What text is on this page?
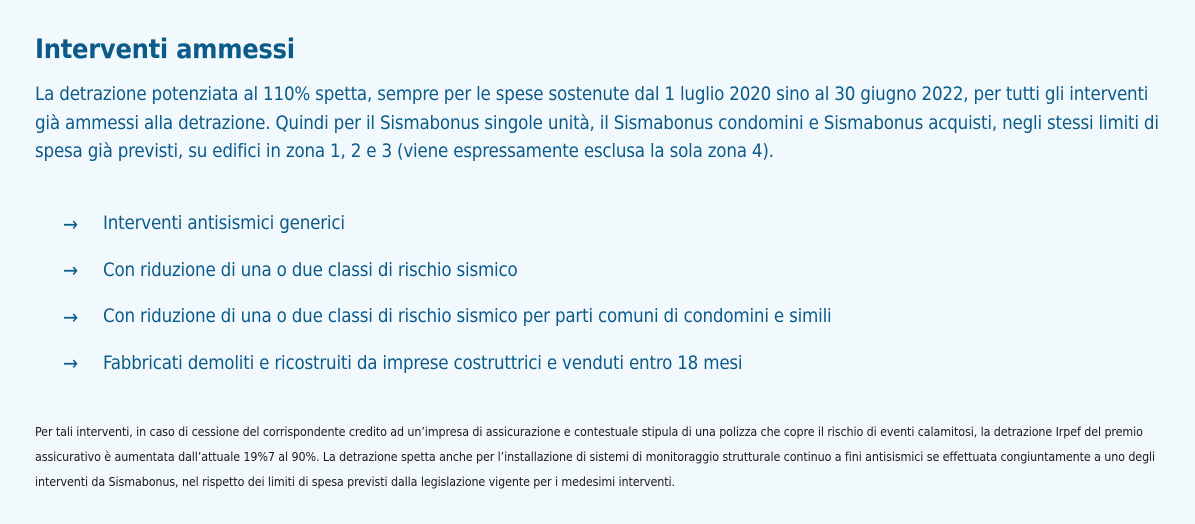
Interventi ammessi

La detrazione potenziata al 110% spetta, sempre per le spese sostenute dal 1 luglio 2020 sino al 30 giugno 2022, per tutti gli interventi già ammessi alla detrazione. Quindi per il Sismabonus singole unità, il Sismabonus condomini e Sismabonus acquisti, negli stessi limiti di spesa già previsti, su edifici in zona 1, 2 e 3 (viene espressamente esclusa la sola zona 4).

→	Interventi antisismici generici
→	Con riduzione di una o due classi di rischio sismico
→	Con riduzione di una o due classi di rischio sismico per parti comuni di condomini e simili
→	Fabbricati demoliti e ricostruiti da imprese costruttrici e venduti entro 18 mesi

Per tali interventi, in caso di cessione del corrispondente credito ad un’impresa di assicurazione e contestuale stipula di una polizza che copre il rischio di eventi calamitosi, la detrazione Irpef del premio assicurativo è aumentata dall’attuale 19%7 al 90%. La detrazione spetta anche per l’installazione di sistemi di monitoraggio strutturale continuo a fini antisismici se effettuata congiuntamente a uno degli interventi da Sismabonus, nel rispetto dei limiti di spesa previsti dalla legislazione vigente per i medesimi interventi.
